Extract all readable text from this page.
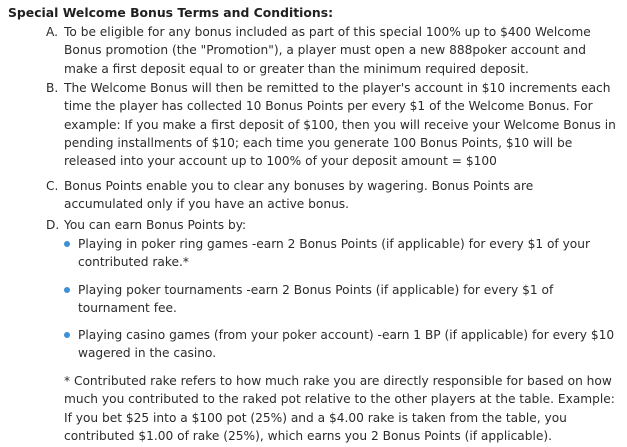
Special Welcome Bonus Terms and Conditions:
A. To be eligible for any bonus included as part of this special 100% up to $400 Welcome Bonus promotion (the "Promotion"), a player must open a new 888poker account and make a first deposit equal to or greater than the minimum required deposit.
B. The Welcome Bonus will then be remitted to the player's account in $10 increments each time the player has collected 10 Bonus Points per every $1 of the Welcome Bonus. For example: If you make a first deposit of $100, then you will receive your Welcome Bonus in pending installments of $10; each time you generate 100 Bonus Points, $10 will be released into your account up to 100% of your deposit amount = $100
C. Bonus Points enable you to clear any bonuses by wagering. Bonus Points are accumulated only if you have an active bonus.
D. You can earn Bonus Points by:
Playing in poker ring games -earn 2 Bonus Points (if applicable) for every $1 of your contributed rake.*
Playing poker tournaments -earn 2 Bonus Points (if applicable) for every $1 of tournament fee.
Playing casino games (from your poker account) -earn 1 BP (if applicable) for every $10 wagered in the casino.
* Contributed rake refers to how much rake you are directly responsible for based on how much you contributed to the raked pot relative to the other players at the table. Example: If you bet $25 into a $100 pot (25%) and a $4.00 rake is taken from the table, you contributed $1.00 of rake (25%), which earns you 2 Bonus Points (if applicable).
